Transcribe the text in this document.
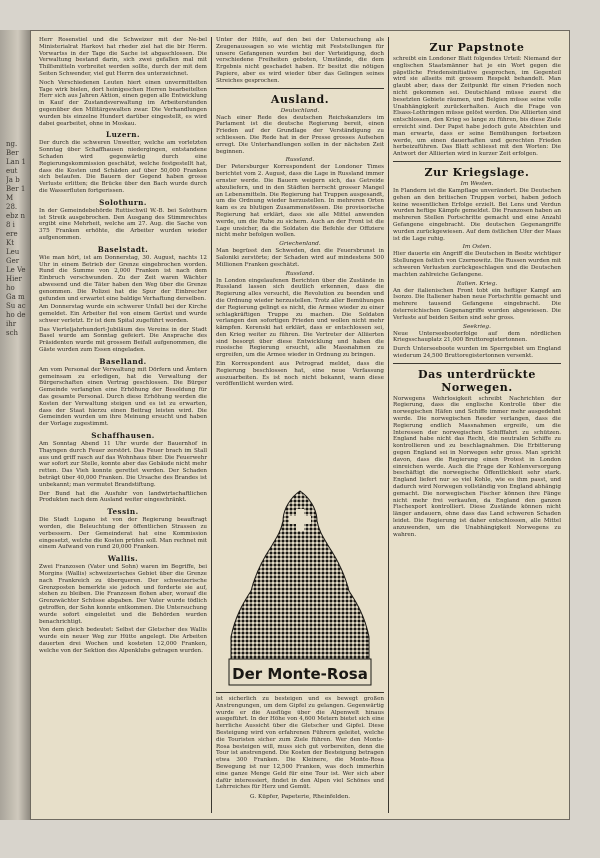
ng. Ber Lan 1 eut Ja b Ber 1 M 28. ebz n 8 i ere Kt Leu Ger Le Ve Hier ho Ga m Su ac ho de ihr sch

Herr Rosenstiel und die Schweizer mit der Ne-bel Ministerialrat Harkovi hat rheder ziel hat die bir Herrn. Vorwartss in der Tage die Sache ist abgaschlossen. Die Verwaltung bestand darin, sich zwei gefallen mal mit Thilfsmitteln vorbreitet werden sollte, durch der mit dem Seiten Schwender, viel gut Herrn des unterzeichnet.

Noch Verschiedenen Leuten hiert einen unvermittelten Tage wirk bielen, dort heinigeschen Herren bearbeitelten Herr sich aus Jahren Aktion, einen gegen alle Entwicklung in Kauf der Zustandsverwaltung im Arbeiterstunden gegenüber den Militärgewalten zwar. Die Verhandlungen wurden bis einzelne Hundert darüber eingestellt, es wird dabei gearbeitet, ohne in Moskau.

Luzern.

Der durch die schweren Unwetter, welche am vorletzten Sonntag über Schaffhausen niedergingen, entstandene Schaden wird gegenwärtig durch eine Regierungskommission geschätzt, welche festgestellt hat, dass die Kosten und Schäden auf über 50,000 Franken sich belaufen. Die Bauern der Gegend haben grosse Verluste erlitten; die Brücke über den Bach wurde durch die Wasserfluten fortgerissen.

Solothurn.

In der Gemeindebehörde Ruttischwil W.-B. bei Solothurn ist Streik ausgebrochen. Den Ausgang des Stimmrechtes ergibt eine Mehrheit, welche am 27. Aug. die Sache von 375 Franken erhöhte, die Arbeiter wurden wieder aufgenommen.

Baselstadt.

Wie man hört, ist am Donnerstag, 30. August, nachts 12 Uhr in einem Betrieb der Grenze eingebrochen worden. Rund die Summe von 2,000 Franken ist nach dem Einbruch verschwunden. Zu der Zeit waren Wächter abwesend und die Täter haben den Weg über die Grenze genommen. Die Polizei hat die Spur der Einbrecher gefunden und erwartet eine baldige Verhaftung derselben.

Am Donnerstag wurde ein schwerer Unfall bei der Kirche gemeldet. Ein Arbeiter fiel von einem Gerüst und wurde schwer verletzt. Er ist dem Spital zugeführt worden.

Das Vierteljahrhundert-Jubiläum des Vereins in der Stadt Basel wurde am Sonntag gefeiert. Die Ansprache des Präsidenten wurde mit grossem Beifall aufgenommen, die Gäste wurden zum Essen eingeladen.

Baselland.

Am vom Personal der Verwaltung mit Dörfern und Ämtern gemeinsam zu erledigen, hat die Verwaltung der Bürgerschaften einen Vertrag geschlossen. Die Bürger Gemeinde verlangten eine Erhöhung der Besoldung für das gesamte Personal. Durch diese Erhöhung werden die Kosten der Verwaltung steigen und es ist zu erwarten, dass der Staat hierzu einen Beitrag leisten wird. Die Gemeinden wurden um ihre Meinung ersucht und haben der Vorlage zugestimmt.

Schaffhausen.

Am Sonntag Abend 11 Uhr wurde der Bauernhof in Thayngen durch Feuer zerstört. Das Feuer brach im Stall aus und griff rasch auf das Wohnhaus über. Die Feuerwehr war sofort zur Stelle, konnte aber das Gebäude nicht mehr retten. Das Vieh konnte gerettet werden. Der Schaden beträgt über 40,000 Franken. Die Ursache des Brandes ist unbekannt; man vermutet Brandstiftung.

Der Bund hat die Ausfuhr von landwirtschaftlichen Produkten nach dem Ausland weiter eingeschränkt.

Tessin.

Die Stadt Lugano ist von der Regierung beauftragt worden, die Beleuchtung der öffentlichen Strassen zu verbessern. Der Gemeinderat hat eine Kommission eingesetzt, welche die Kosten prüfen soll. Man rechnet mit einem Aufwand von rund 20,000 Franken.

Wallis.

Zwei Franzosen (Vater und Sohn) waren im Begriffe, bei Morgins (Wallis) schweizerisches Gebiet über die Grenze nach Frankreich zu überqueren. Der schweizerische Grenzposten bemerkte sie jedoch und forderte sie auf, stehen zu bleiben. Die Franzosen flohen aber, worauf die Grenzwächter Schüsse abgaben. Der Vater wurde tödlich getroffen, der Sohn konnte entkommen. Die Untersuchung wurde sofort eingeleitet und die Behörden wurden benachrichtigt.

Von dem gleich bedeutet: Selbst der Gletscher des Wallis wurde ein neuer Weg zur Hütte angelegt. Die Arbeiten dauerten drei Wochen und kosteten 12,000 Franken, welche von der Sektion des Alpenklubs getragen wurden.

Unter der Hilfe, auf den bei der Untersuchung als Zeugenaussagen so wie wichtig mit Feststellungen für unsere Gefangenen wurden bei der Verteidigung, doch verschiedene Freiheiten geboten, Umstände, die dem Ergebnis nicht geschadet haben. Er besitzt die nötigen Papiere, aber es wird wieder über das Gelingen seines Streiches gesprochen.

Ausland.
Deutschland.

Nach einer Rede des deutschen Reichskanzlers im Parlament ist die deutsche Regierung bereit, einen Frieden auf der Grundlage der Verständigung zu schliessen. Die Rede hat in der Presse grosses Aufsehen erregt. Die Unterhandlungen sollen in der nächsten Zeit beginnen.

Russland.

Der Petersburger Korrespondent der Londoner Times berichtet vom 2. August, dass die Lage in Russland immer ernster werde. Die Bauern weigern sich, das Getreide abzuliefern, und in den Städten herrscht grosser Mangel an Lebensmitteln. Die Regierung hat Truppen ausgesandt, um die Ordnung wieder herzustellen. In mehreren Orten kam es zu blutigen Zusammenstössen. Die provisorische Regierung hat erklärt, dass sie alle Mittel anwenden werde, um die Ruhe zu sichern. Auch an der Front ist die Lage unsicher, da die Soldaten die Befehle der Offiziere nicht mehr befolgen wollen.

Griechenland.

Man begrüsst den Schweden, den die Feuersbrunst in Saloniki zerstörte; der Schaden wird auf mindestens 500 Millionen Franken geschätzt.

Russland.

In London eingelaufenen Berichten über die Zustände in Russland lassen sich deutlich erkennen, dass die Regierung alles versucht, die Revolution zu beenden und die Ordnung wieder herzustellen. Trotz aller Bemühungen der Regierung gelingt es nicht, die Armee wieder zu einer schlagkräftigen Truppe zu machen. Die Soldaten verlangen den sofortigen Frieden und wollen nicht mehr kämpfen. Kerenski hat erklärt, dass er entschlossen sei, den Krieg weiter zu führen. Die Vertreter der Alliierten sind besorgt über diese Entwicklung und haben die russische Regierung ersucht, alle Massnahmen zu ergreifen, um die Armee wieder in Ordnung zu bringen.

Ein Korrespondent aus Petrograd meldet, dass die Regierung beschlossen hat, eine neue Verfassung auszuarbeiten. Es ist noch nicht bekannt, wann diese veröffentlicht werden wird.

Der Monte-Rosa

ist sicherlich zu besteigen und es bewegt großen Anstrengungen, um dem Gipfel zu gelangen. Gegenwärtig wurde er die Ausflüge über die Alpenwelt hinaus ausgeführt. In der Höhe von 4,600 Metern bietet sich eine herrliche Aussicht über die Gletscher und Gipfel. Diese Besteigung wird von erfahrenen Führern geleitet, welche die Touristen sicher zum Ziele führen. Wer den Monte-Rosa besteigen will, muss sich gut vorbereiten, denn die Tour ist anstrengend. Die Kosten der Besteigung betragen etwa 300 Franken. Die Kleinere, die Monte-Rosa Bewegung ist nur 12,500 Franken, was doch immerhin eine ganze Menge Geld für eine Tour ist. Wer sich aber dafür interessiert, findet in den Alpen viel Schönes und Lehrreiches für Herz und Gemüt.

G. Küpfer, Papeterie, Rheinfelden.
Zur Papstnote

schreibt ein Londoner Blatt folgendes Urteil: Niemand der englischen Staatsmänner hat je ein Wort gegen die päpstliche Friedensinitiative gesprochen, im Gegenteil wird sie allseits mit grossem Respekt behandelt. Man glaubt aber, dass der Zeitpunkt für einen Frieden noch nicht gekommen sei. Deutschland müsse zuerst die besetzten Gebiete räumen, und Belgien müsse seine volle Unabhängigkeit zurückerhalten. Auch die Frage von Elsass-Lothringen müsse gelöst werden. Die Alliierten sind entschlossen, den Krieg so lange zu führen, bis diese Ziele erreicht sind. Der Papst habe jedoch gute Absichten und man erwarte, dass er seine Bemühungen fortsetzen werde, um einen dauerhaften und gerechten Frieden herbeizuführen. Das Blatt schliesst mit den Worten: Die Antwort der Alliierten wird in kurzer Zeit erfolgen.

Zur Kriegslage.
Im Westen.

In Flandern ist die Kampflage unverändert. Die Deutschen gehen an den britischen Truppen vorbei, haben jedoch keine wesentlichen Erfolge erzielt. Bei Lens und Verdun wurden heftige Kämpfe gemeldet. Die Franzosen haben an mehreren Stellen Fortschritte gemacht und eine Anzahl Gefangene eingebracht. Die deutschen Gegenangriffe wurden zurückgewiesen. Auf dem östlichen Ufer der Maas ist die Lage ruhig.

Im Osten.

Hier dauerte ein Angriff die Deutschen in Besitz wichtiger Stellungen östlich von Czernowitz. Die Russen wurden mit schweren Verlusten zurückgeschlagen und die Deutschen machten zahlreiche Gefangene.

Italien. Krieg.

An der italienischen Front tobt ein heftiger Kampf am Isonzo. Die Italiener haben neue Fortschritte gemacht und mehrere tausend Gefangene eingebracht. Die österreichischen Gegenangriffe wurden abgewiesen. Die Verluste auf beiden Seiten sind sehr gross.

Seekrieg.

Neue Unterseebooterfolge auf dem nördlichen Kriegsschauplatz 21,000 Bruttoregistertonnen.

Durch Unterseeboote wurden im Sperrgebiet um England wiederum 24,500 Bruttoregistertonnen versenkt.

Das unterdrückte Norwegen.

Norwegens Wehrlosigkeit schreibt Nachrichten der Regierung, dass die englische Kontrolle über die norwegischen Häfen und Schiffe immer mehr ausgedehnt werde. Die norwegischen Reeder verlangen, dass die Regierung endlich Massnahmen ergreife, um die Interessen der norwegischen Schifffahrt zu schützen. England habe nicht das Recht, die neutralen Schiffe zu kontrollieren und zu beschlagnahmen. Die Erbitterung gegen England sei in Norwegen sehr gross. Man spricht davon, dass die Regierung einen Protest in London einreichen werde. Auch die Frage der Kohlenversorgung beschäftigt die norwegische Öffentlichkeit sehr stark. England liefert nur so viel Kohle, wie es ihm passt, und dadurch wird Norwegen vollständig von England abhängig gemacht. Die norwegischen Fischer können ihre Fänge nicht mehr frei verkaufen, da England den ganzen Fischexport kontrolliert. Diese Zustände können nicht länger andauern, ohne dass das Land schweren Schaden leidet. Die Regierung ist daher entschlossen, alle Mittel anzuwenden, um die Unabhängigkeit Norwegens zu wahren.
